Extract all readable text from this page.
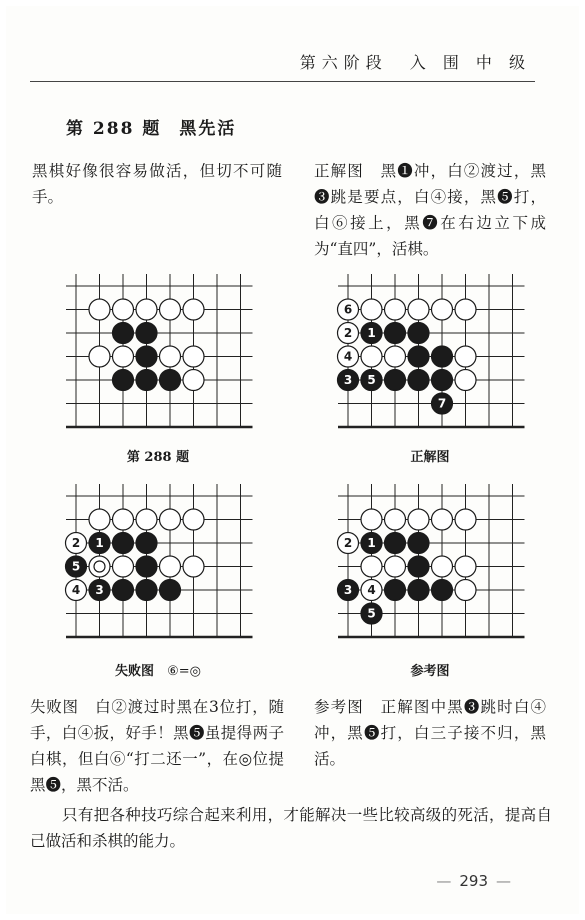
第六阶段　入 围 中 级
第 288 题 黑先活

黑棋好像很容易做活，但切不可随手。

正解图　黑❶冲，白②渡过，黑❸跳是要点，白④接，黑❺打，白⑥接上，黑❼在右边立下成为“直四”，活棋。

6
2 1
4
3 5
7
第 288 题	正解图
2 1
5
4 3
2 1
3 4
5
失败图　 ⑥=◎	参考图

失败图　白②渡过时黑在3位打，随手，白④扳，好手！黑❺虽提得两子白棋，但白⑥“打二还一”，在◎位提黑❺，黑不活。

参考图　正解图中黑❸跳时白④冲，黑❺打，白三子接不归，黑活。

只有把各种技巧综合起来利用，才能解决一些比较高级的死活，提高自己做活和杀棋的能力。

— 293 —
